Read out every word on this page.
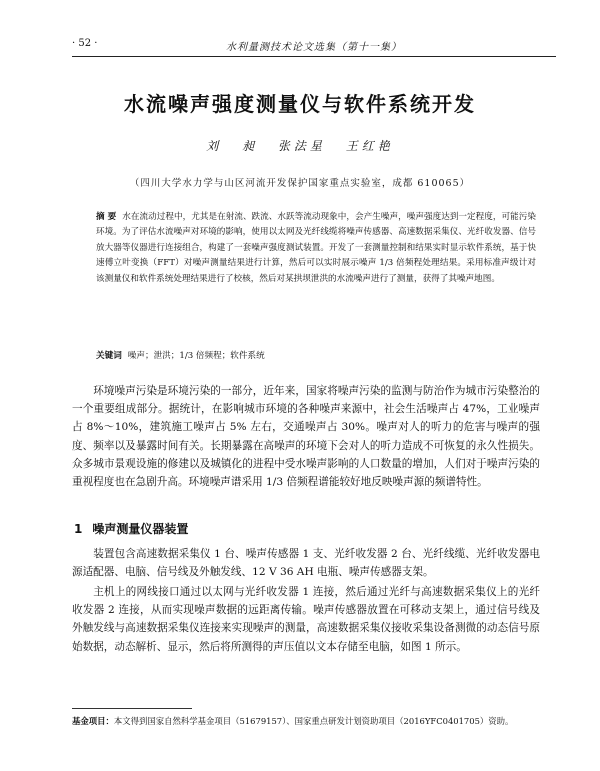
· 52 ·	水利量测技术论文选集（第十一集）
水流噪声强度测量仪与软件系统开发
刘 昶 张法星 王红艳
（四川大学水力学与山区河流开发保护国家重点实验室，成都 610065）
摘 要 水在流动过程中，尤其是在射流、跌流、水跃等流动现象中，会产生噪声，噪声强度达到一定程度，可能污染环境。为了评估水流噪声对环境的影响，使用以太网及光纤线缆将噪声传感器、高速数据采集仪、光纤收发器、信号放大器等仪器进行连接组合，构建了一套噪声强度测试装置。开发了一套测量控制和结果实时显示软件系统，基于快速傅立叶变换（FFT）对噪声测量结果进行计算，然后可以实时展示噪声 1/3 倍频程处理结果。采用标准声级计对该测量仪和软件系统处理结果进行了校核，然后对某拱坝泄洪的水流噪声进行了测量，获得了其噪声地图。
关键词 噪声；泄洪；1/3 倍频程；软件系统

环境噪声污染是环境污染的一部分，近年来，国家将噪声污染的监测与防治作为城市污染整治的一个重要组成部分。据统计，在影响城市环境的各种噪声来源中，社会生活噪声占 47%，工业噪声占 8%～10%，建筑施工噪声占 5% 左右，交通噪声占 30%。噪声对人的听力的危害与噪声的强度、频率以及暴露时间有关。长期暴露在高噪声的环境下会对人的听力造成不可恢复的永久性损失。众多城市景观设施的修建以及城镇化的进程中受水噪声影响的人口数量的增加，人们对于噪声污染的重视程度也在急剧升高。环境噪声谱采用 1/3 倍频程谱能较好地反映噪声源的频谱特性。

1 噪声测量仪器装置

装置包含高速数据采集仪 1 台、噪声传感器 1 支、光纤收发器 2 台、光纤线缆、光纤收发器电源适配器、电脑、信号线及外触发线、12 V 36 AH 电瓶、噪声传感器支架。

主机上的网线接口通过以太网与光纤收发器 1 连接，然后通过光纤与高速数据采集仪上的光纤收发器 2 连接，从而实现噪声数据的远距离传输。噪声传感器放置在可移动支架上，通过信号线及外触发线与高速数据采集仪连接来实现噪声的测量，高速数据采集仪接收采集设备测微的动态信号原始数据，动态解析、显示，然后将所测得的声压值以文本存储至电脑，如图 1 所示。

基金项目：本文得到国家自然科学基金项目（51679157）、国家重点研发计划资助项目（2016YFC0401705）资助。
